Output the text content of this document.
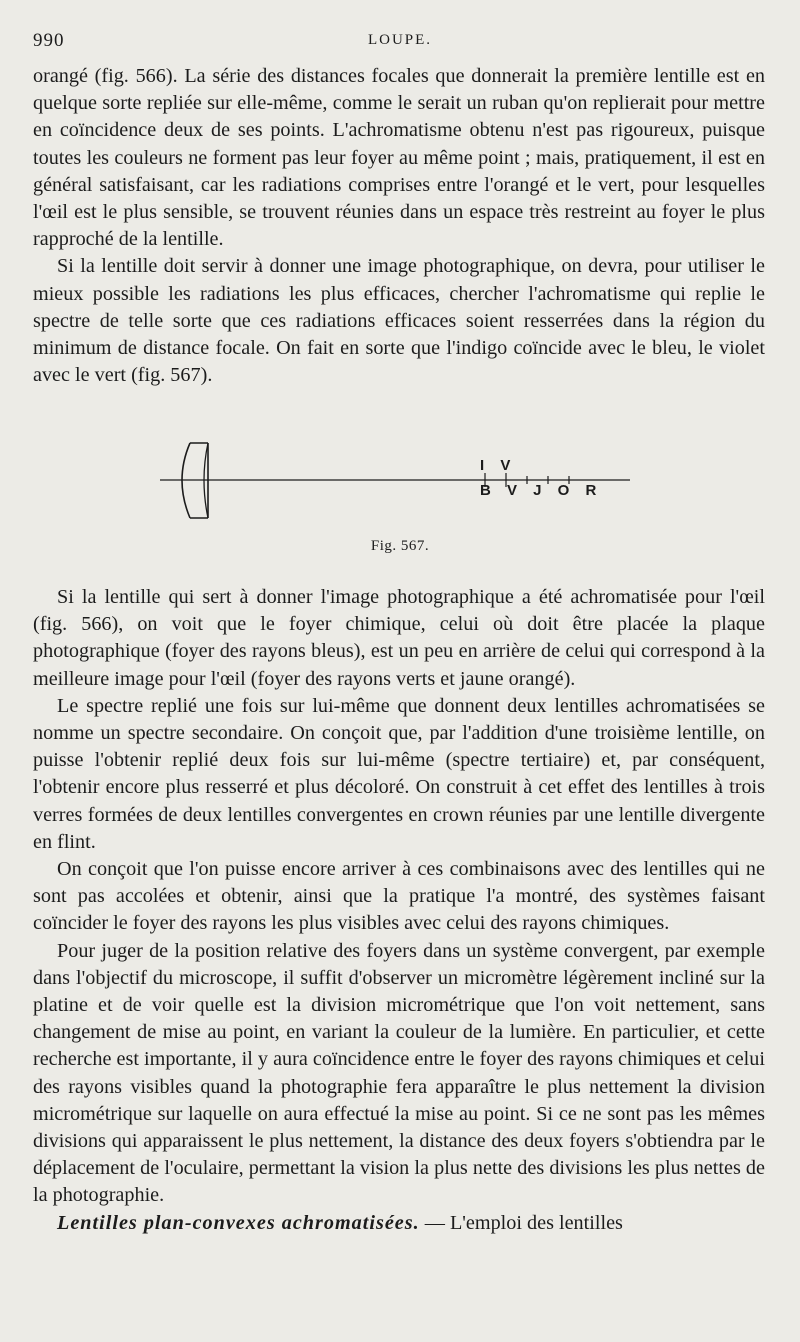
990	LOUPE.

orangé (fig. 566). La série des distances focales que donnerait la première lentille est en quelque sorte repliée sur elle-même, comme le serait un ruban qu'on replierait pour mettre en coïncidence deux de ses points. L'achromatisme obtenu n'est pas rigoureux, puisque toutes les couleurs ne forment pas leur foyer au même point ; mais, pratiquement, il est en général satisfaisant, car les radiations comprises entre l'orangé et le vert, pour lesquelles l'œil est le plus sensible, se trouvent réunies dans un espace très restreint au foyer le plus rapproché de la lentille.

Si la lentille doit servir à donner une image photographique, on devra, pour utiliser le mieux possible les radiations les plus efficaces, chercher l'achromatisme qui replie le spectre de telle sorte que ces radiations efficaces soient resserrées dans la région du minimum de distance focale. On fait en sorte que l'indigo coïncide avec le bleu, le violet avec le vert (fig. 567).

I V
B V J O R
Fig. 567.

Si la lentille qui sert à donner l'image photographique a été achromatisée pour l'œil (fig. 566), on voit que le foyer chimique, celui où doit être placée la plaque photographique (foyer des rayons bleus), est un peu en arrière de celui qui correspond à la meilleure image pour l'œil (foyer des rayons verts et jaune orangé).

Le spectre replié une fois sur lui-même que donnent deux lentilles achromatisées se nomme un spectre secondaire. On conçoit que, par l'addition d'une troisième lentille, on puisse l'obtenir replié deux fois sur lui-même (spectre tertiaire) et, par conséquent, l'obtenir encore plus resserré et plus décoloré. On construit à cet effet des lentilles à trois verres formées de deux lentilles convergentes en crown réunies par une lentille divergente en flint.

On conçoit que l'on puisse encore arriver à ces combinaisons avec des lentilles qui ne sont pas accolées et obtenir, ainsi que la pratique l'a montré, des systèmes faisant coïncider le foyer des rayons les plus visibles avec celui des rayons chimiques.

Pour juger de la position relative des foyers dans un système convergent, par exemple dans l'objectif du microscope, il suffit d'observer un micromètre légèrement incliné sur la platine et de voir quelle est la division micrométrique que l'on voit nettement, sans changement de mise au point, en variant la couleur de la lumière. En particulier, et cette recherche est importante, il y aura coïncidence entre le foyer des rayons chimiques et celui des rayons visibles quand la photographie fera apparaître le plus nettement la division micrométrique sur laquelle on aura effectué la mise au point. Si ce ne sont pas les mêmes divisions qui apparaissent le plus nettement, la distance des deux foyers s'obtiendra par le déplacement de l'oculaire, permettant la vision la plus nette des divisions les plus nettes de la photographie.

Lentilles plan-convexes achromatisées. — L'emploi des lentilles
